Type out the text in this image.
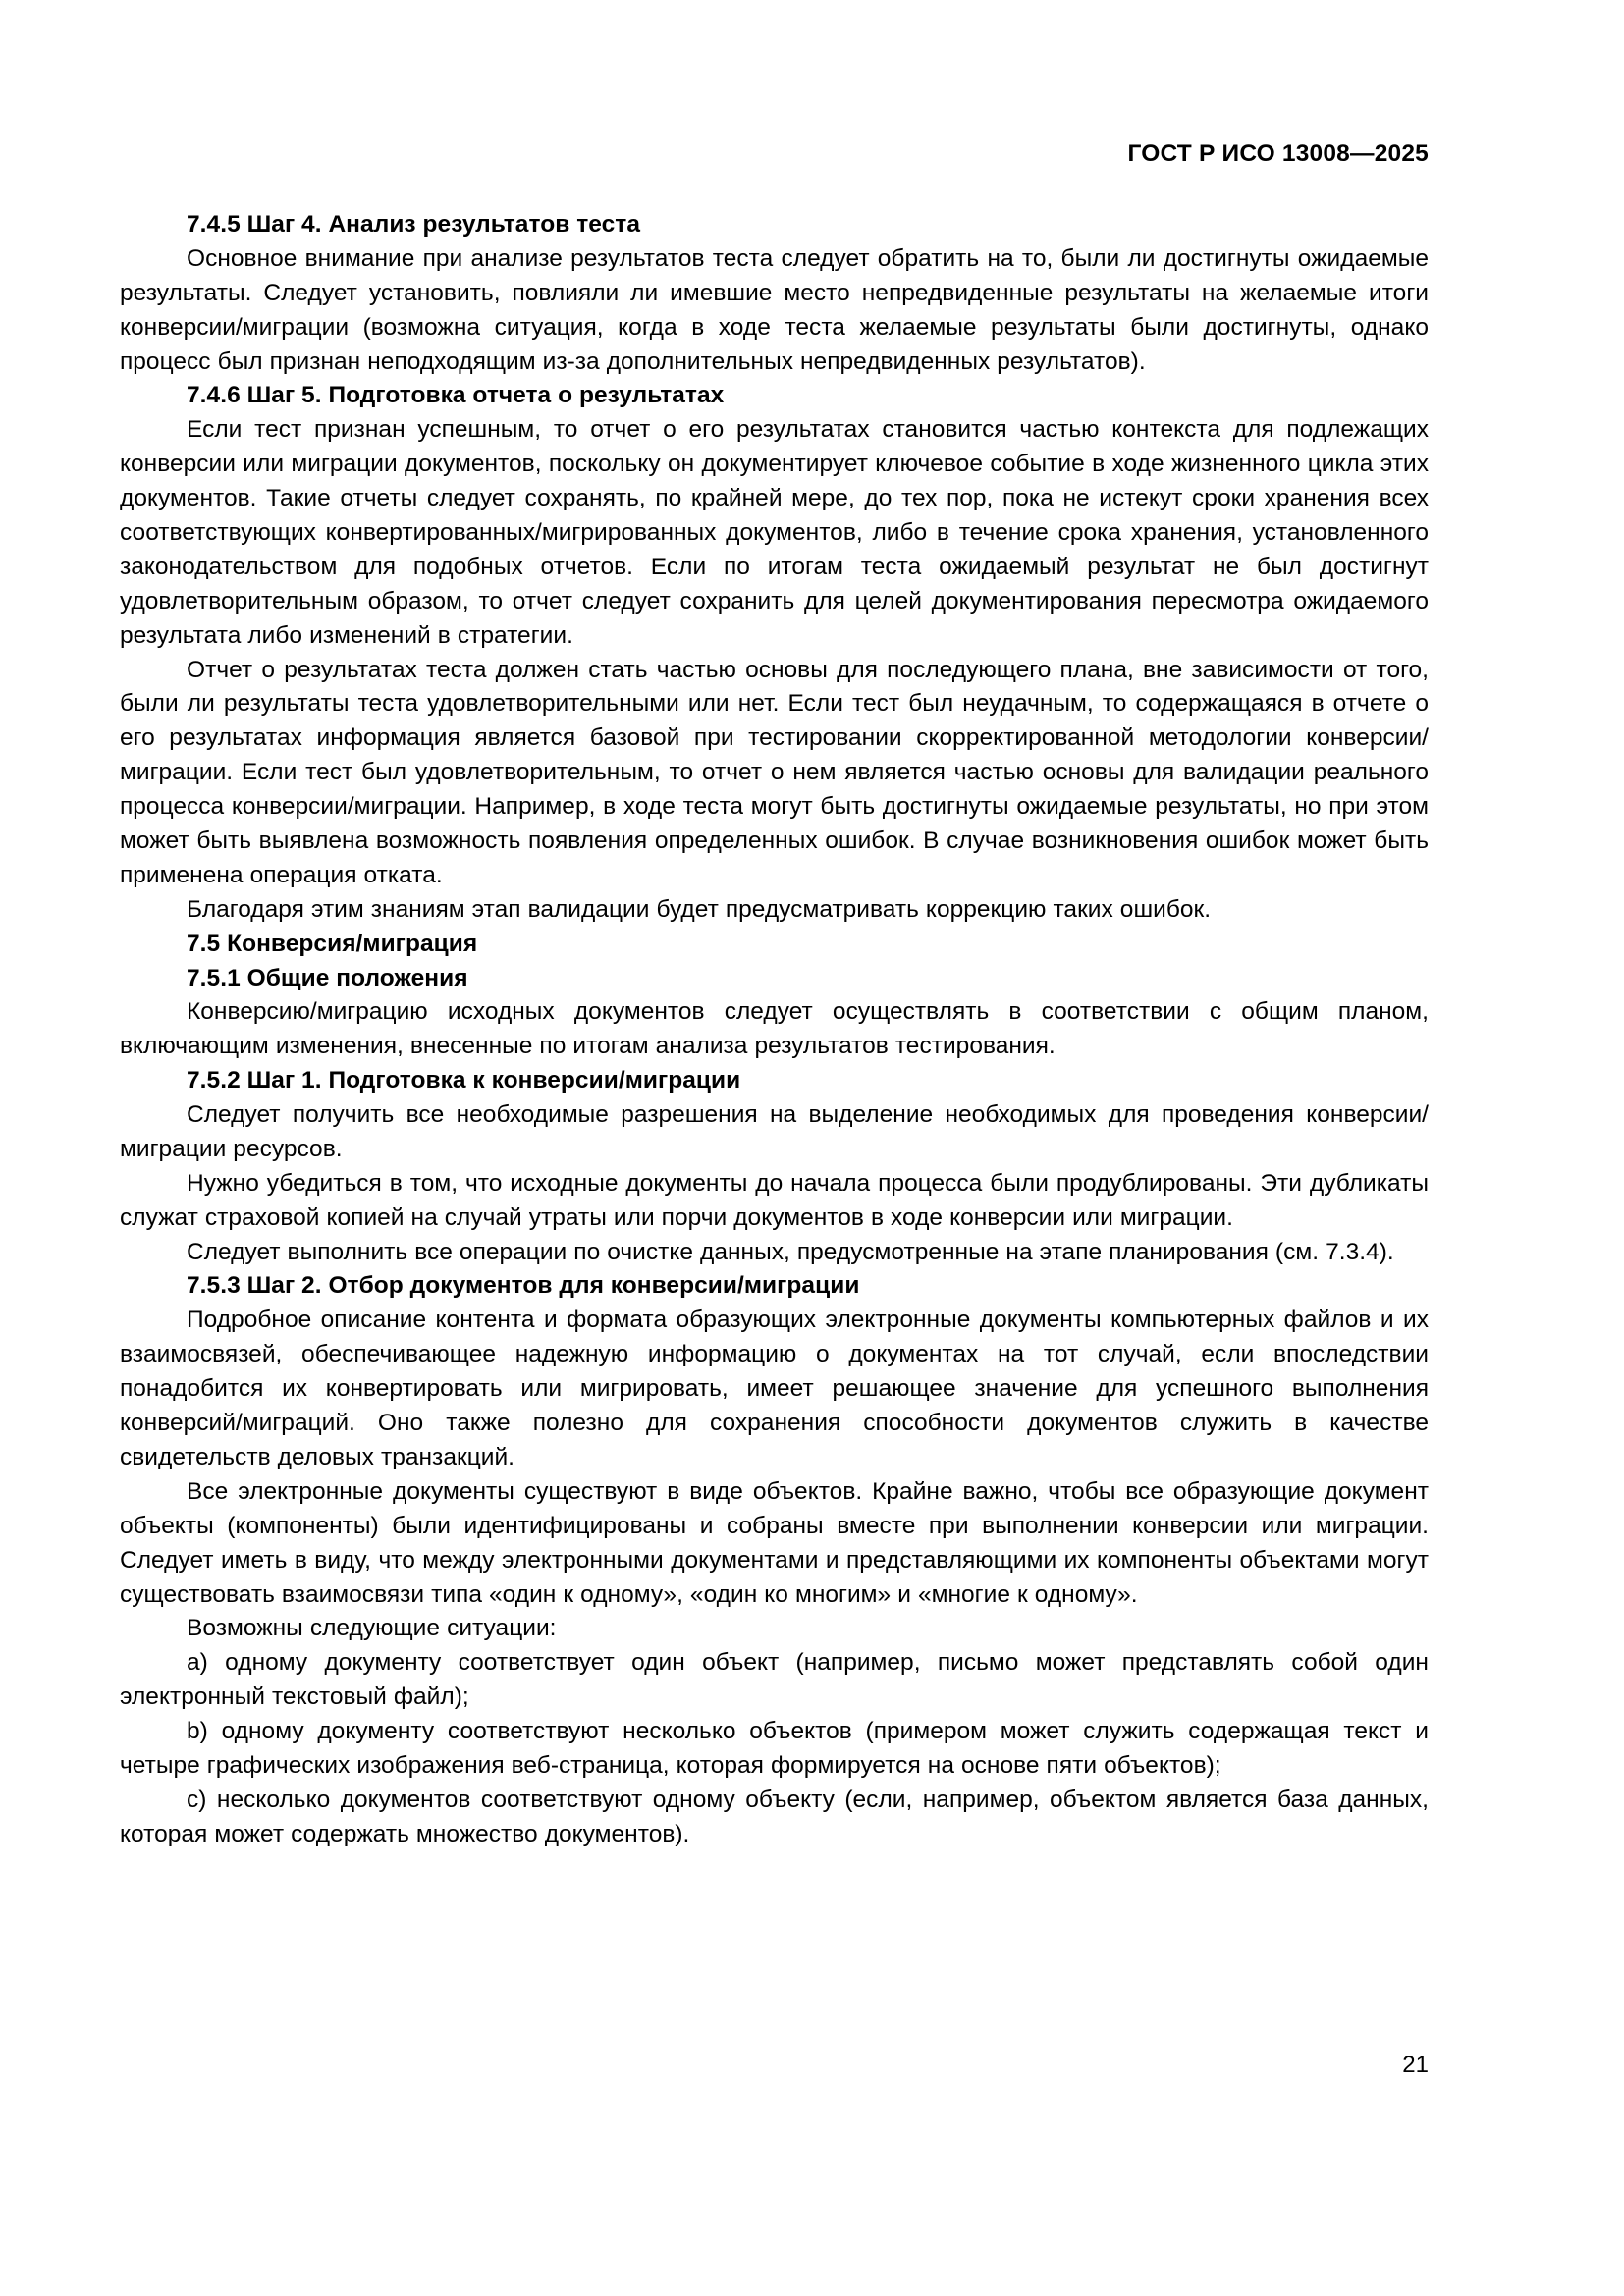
ГОСТ Р ИСО 13008—2025
7.4.5 Шаг 4. Анализ результатов теста

Основное внимание при анализе результатов теста следует обратить на то, были ли достигнуты ожидаемые результаты. Следует установить, повлияли ли имевшие место непредвиденные результаты на желаемые итоги конверсии/миграции (возможна ситуация, когда в ходе теста желаемые результаты были достигнуты, однако процесс был признан неподходящим из-за дополнительных непредвиденных результатов).

7.4.6 Шаг 5. Подготовка отчета о результатах

Если тест признан успешным, то отчет о его результатах становится частью контекста для подлежащих конверсии или миграции документов, поскольку он документирует ключевое событие в ходе жизненного цикла этих документов. Такие отчеты следует сохранять, по крайней мере, до тех пор, пока не истекут сроки хранения всех соответствующих конвертированных/мигрированных документов, либо в течение срока хранения, установленного законодательством для подобных отчетов. Если по итогам теста ожидаемый результат не был достигнут удовлетворительным образом, то отчет следует сохранить для целей документирования пересмотра ожидаемого результата либо изменений в стратегии.

Отчет о результатах теста должен стать частью основы для последующего плана, вне зависимости от того, были ли результаты теста удовлетворительными или нет. Если тест был неудачным, то содержащаяся в отчете о его результатах информация является базовой при тестировании скорректированной методологии конверсии/миграции. Если тест был удовлетворительным, то отчет о нем является частью основы для валидации реального процесса конверсии/миграции. Например, в ходе теста могут быть достигнуты ожидаемые результаты, но при этом может быть выявлена возможность появления определенных ошибок. В случае возникновения ошибок может быть применена операция отката.

Благодаря этим знаниям этап валидации будет предусматривать коррекцию таких ошибок.

7.5 Конверсия/миграция
7.5.1 Общие положения

Конверсию/миграцию исходных документов следует осуществлять в соответствии с общим планом, включающим изменения, внесенные по итогам анализа результатов тестирования.

7.5.2 Шаг 1. Подготовка к конверсии/миграции

Следует получить все необходимые разрешения на выделение необходимых для проведения конверсии/миграции ресурсов.

Нужно убедиться в том, что исходные документы до начала процесса были продублированы. Эти дубликаты служат страховой копией на случай утраты или порчи документов в ходе конверсии или миграции.

Следует выполнить все операции по очистке данных, предусмотренные на этапе планирования (см. 7.3.4).

7.5.3 Шаг 2. Отбор документов для конверсии/миграции

Подробное описание контента и формата образующих электронные документы компьютерных файлов и их взаимосвязей, обеспечивающее надежную информацию о документах на тот случай, если впоследствии понадобится их конвертировать или мигрировать, имеет решающее значение для успешного выполнения конверсий/миграций. Оно также полезно для сохранения способности документов служить в качестве свидетельств деловых транзакций.

Все электронные документы существуют в виде объектов. Крайне важно, чтобы все образующие документ объекты (компоненты) были идентифицированы и собраны вместе при выполнении конверсии или миграции. Следует иметь в виду, что между электронными документами и представляющими их компоненты объектами могут существовать взаимосвязи типа «один к одному», «один ко многим» и «многие к одному».

Возможны следующие ситуации:

a) одному документу соответствует один объект (например, письмо может представлять собой один электронный текстовый файл);

b) одному документу соответствуют несколько объектов (примером может служить содержащая текст и четыре графических изображения веб-страница, которая формируется на основе пяти объектов);

c) несколько документов соответствуют одному объекту (если, например, объектом является база данных, которая может содержать множество документов).

21
